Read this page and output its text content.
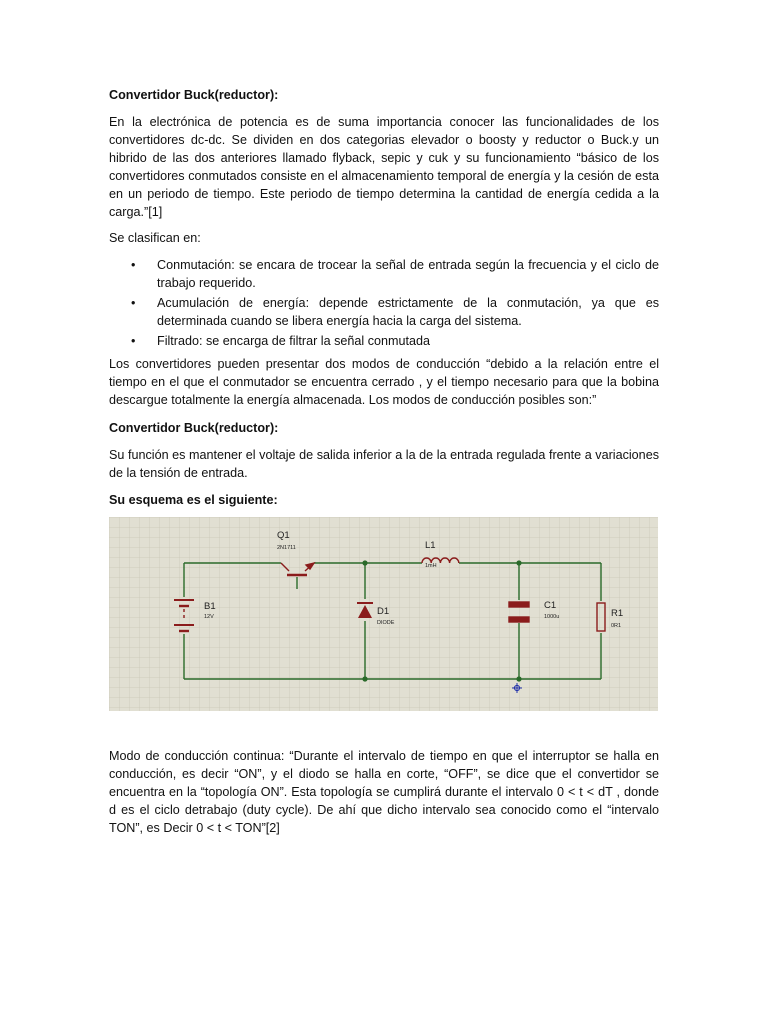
Convertidor Buck(reductor):

En la electrónica de potencia es de suma importancia conocer las funcionalidades de los convertidores dc-dc. Se dividen en dos categorias elevador o boosty y reductor o Buck.y un hibrido de las dos anteriores llamado flyback, sepic y cuk y su funcionamiento “básico de los convertidores conmutados consiste en el almacenamiento temporal de energía y la cesión de esta en un periodo de tiempo. Este periodo de tiempo determina la cantidad de energía cedida a la carga.”[1]

Se clasifican en:

• Conmutación: se encara de trocear la señal de entrada según la frecuencia y el ciclo de trabajo requerido.
• Acumulación de energía: depende estrictamente de la conmutación, ya que es determinada cuando se libera energía hacia la carga del sistema.
• Filtrado: se encarga de filtrar la señal conmutada

Los convertidores pueden presentar dos modos de conducción “debido a la relación entre el tiempo en el que el conmutador se encuentra cerrado , y el tiempo necesario para que la bobina descargue totalmente la energía almacenada. Los modos de conducción posibles son:”

Convertidor Buck(reductor):

Su función es mantener el voltaje de salida inferior a la de la entrada regulada frente a variaciones de la tensión de entrada.

Su esquema es el siguiente:

Q1
2N1711	L1
1mH
B1
12V	D1
DIODE
C1
1000u	R1
0R1

Modo de conducción continua: “Durante el intervalo de tiempo en que el interruptor se halla en conducción, es decir “ON”, y el diodo se halla en corte, “OFF”, se dice que el convertidor se encuentra en la “topología ON”. Esta topología se cumplirá durante el intervalo 0 < t < dT , donde d es el ciclo detrabajo (duty cycle). De ahí que dicho intervalo sea conocido como el “intervalo TON”, es Decir 0 < t < TON”[2]
